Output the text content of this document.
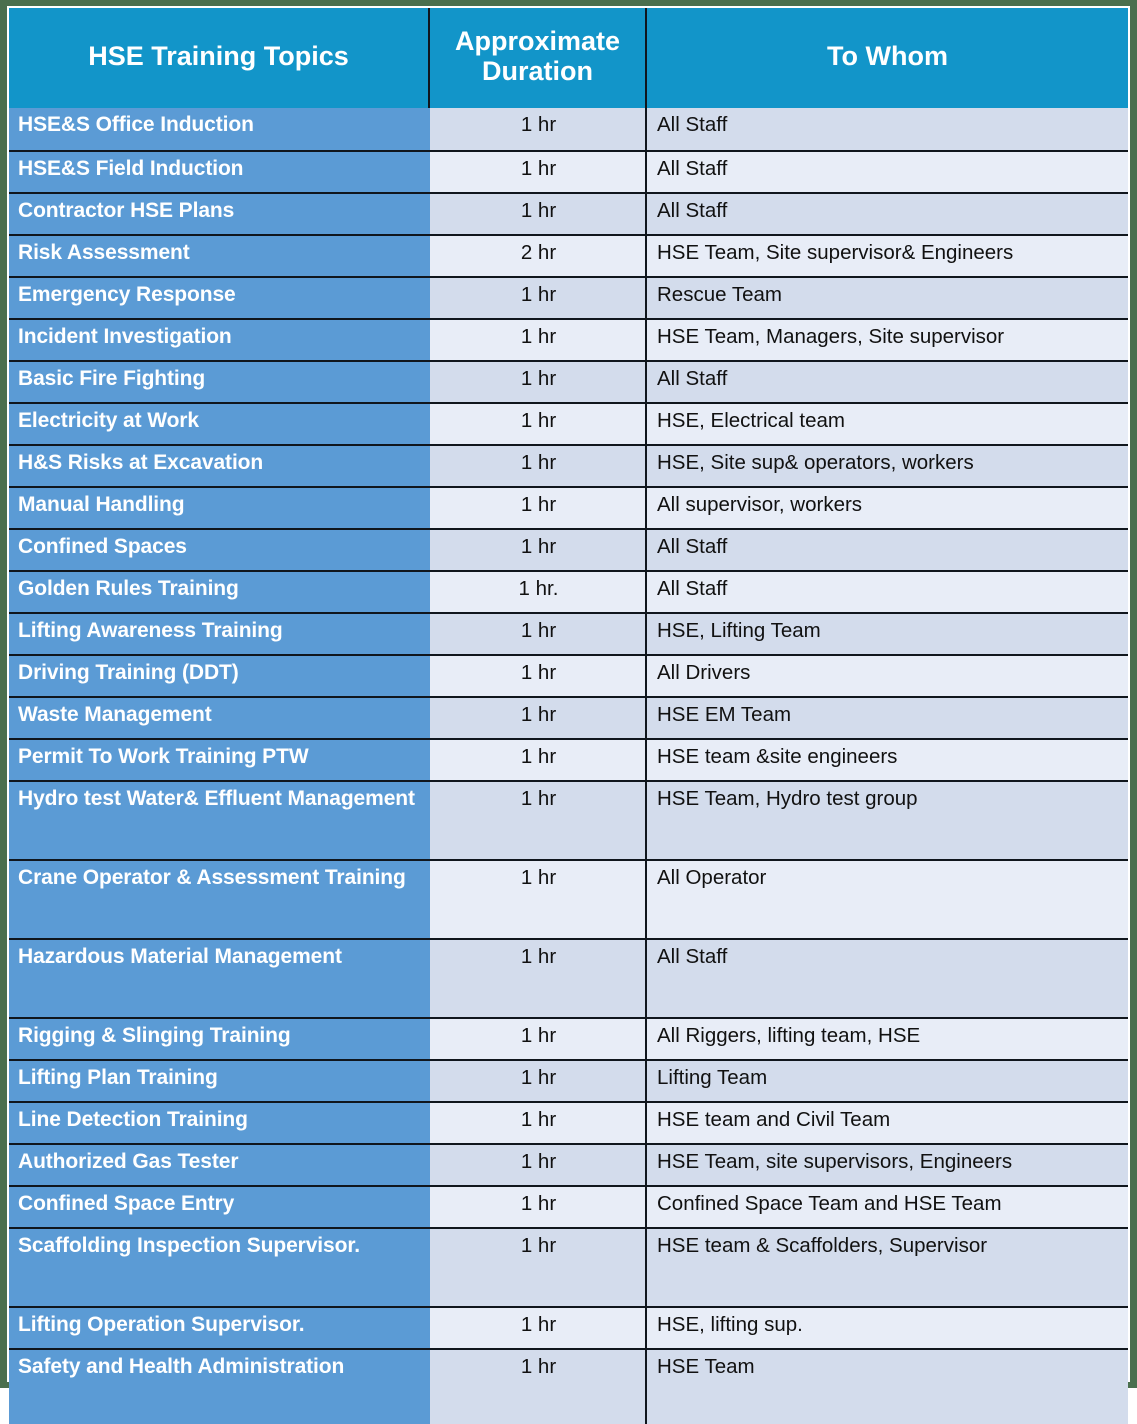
HSE Training Topics	Approximate Duration	To Whom
HSE&S Office Induction	1 hr	All Staff
HSE&S Field Induction	1 hr	All Staff
Contractor HSE Plans	1 hr	All Staff
Risk Assessment	2 hr	HSE Team, Site supervisor& Engineers
Emergency Response	1 hr	Rescue Team
Incident Investigation	1 hr	HSE Team, Managers, Site supervisor
Basic Fire Fighting	1 hr	All Staff
Electricity at Work	1 hr	HSE, Electrical team
H&S Risks at Excavation	1 hr	HSE, Site sup& operators, workers
Manual Handling	1 hr	All supervisor, workers
Confined Spaces	1 hr	All Staff
Golden Rules Training	1 hr.	All Staff
Lifting Awareness Training	1 hr	HSE, Lifting Team
Driving Training (DDT)	1 hr	All Drivers
Waste Management	1 hr	HSE EM Team
Permit To Work Training PTW	1 hr	HSE team &site engineers
Hydro test Water& Effluent Management	1 hr	HSE Team, Hydro test group
Crane Operator & Assessment Training	1 hr	All Operator
Hazardous Material Management	1 hr	All Staff
Rigging & Slinging Training	1 hr	All Riggers, lifting team, HSE
Lifting Plan Training	1 hr	Lifting Team
Line Detection Training	1 hr	HSE team and Civil Team
Authorized Gas Tester	1 hr	HSE Team, site supervisors, Engineers
Confined Space Entry	1 hr	Confined Space Team and HSE Team
Scaffolding Inspection Supervisor.	1 hr	HSE team & Scaffolders, Supervisor
Lifting Operation Supervisor.	1 hr	HSE, lifting sup.
Safety and Health Administration	1 hr	HSE Team
